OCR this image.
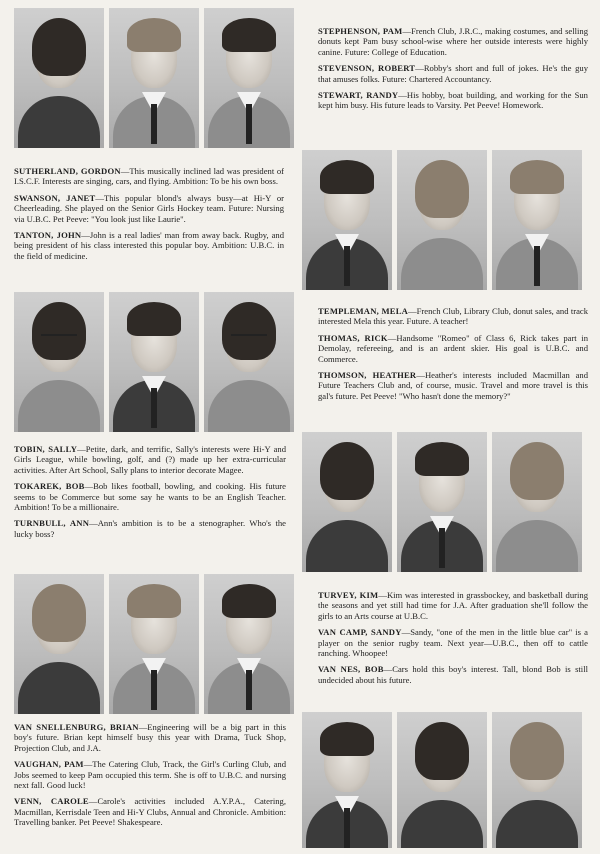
STEPHENSON, PAM—French Club, J.R.C., making costumes, and selling donuts kept Pam busy school-wise where her outside interests were highly canine. Future: College of Education.
STEVENSON, ROBERT—Robby's short and full of jokes. He's the guy that amuses folks. Future: Chartered Accountancy.
STEWART, RANDY—His hobby, boat building, and working for the Sun kept him busy. His future leads to Varsity. Pet Peeve! Homework.
SUTHERLAND, GORDON—This musically inclined lad was president of I.S.C.F. Interests are singing, cars, and flying. Ambition: To be his own boss.
SWANSON, JANET—This popular blond's always busy—at Hi-Y or Cheerleading. She played on the Senior Girls Hockey team. Future: Nursing via U.B.C. Pet Peeve: "You look just like Laurie".
TANTON, JOHN—John is a real ladies' man from away back. Rugby, and being president of his class interested this popular boy. Ambition: U.B.C. in the field of medicine.
TEMPLEMAN, MELA—French Club, Library Club, donut sales, and track interested Mela this year. Future. A teacher!
THOMAS, RICK—Handsome "Romeo" of Class 6, Rick takes part in Demolay, refereeing, and is an ardent skier. His goal is U.B.C. and Commerce.
THOMSON, HEATHER—Heather's interests included Macmillan and Future Teachers Club and, of course, music. Travel and more travel is this gal's future. Pet Peeve! "Who hasn't done the memory?"
TOBIN, SALLY—Petite, dark, and terrific, Sally's interests were Hi-Y and Girls League, while bowling, golf, and (?) made up her extra-curricular activities. After Art School, Sally plans to interior decorate Magee.
TOKAREK, BOB—Bob likes football, bowling, and cooking. His future seems to be Commerce but some say he wants to be an English Teacher. Ambition! To be a millionaire.
TURNBULL, ANN—Ann's ambition is to be a stenographer. Who's the lucky boss?
TURVEY, KIM—Kim was interested in grassbockey, and basketball during the seasons and yet still had time for J.A. After graduation she'll follow the girls to an Arts course at U.B.C.
VAN CAMP, SANDY—Sandy, "one of the men in the little blue car" is a player on the senior rugby team. Next year—U.B.C., then off to cattle ranching. Whoopee!
VAN NES, BOB—Cars hold this boy's interest. Tall, blond Bob is still undecided about his future.
VAN SNELLENBURG, BRIAN—Engineering will be a big part in this boy's future. Brian kept himself busy this year with Drama, Tuck Shop, Projection Club, and J.A.
VAUGHAN, PAM—The Catering Club, Track, the Girl's Curling Club, and Jobs seemed to keep Pam occupied this term. She is off to U.B.C. and nursing next fall. Good luck!
VENN, CAROLE—Carole's activities included A.Y.P.A., Catering, Macmillan, Kerrisdale Teen and Hi-Y Clubs, Annual and Chronicle. Ambition: Travelling banker. Pet Peeve! Shakespeare.
